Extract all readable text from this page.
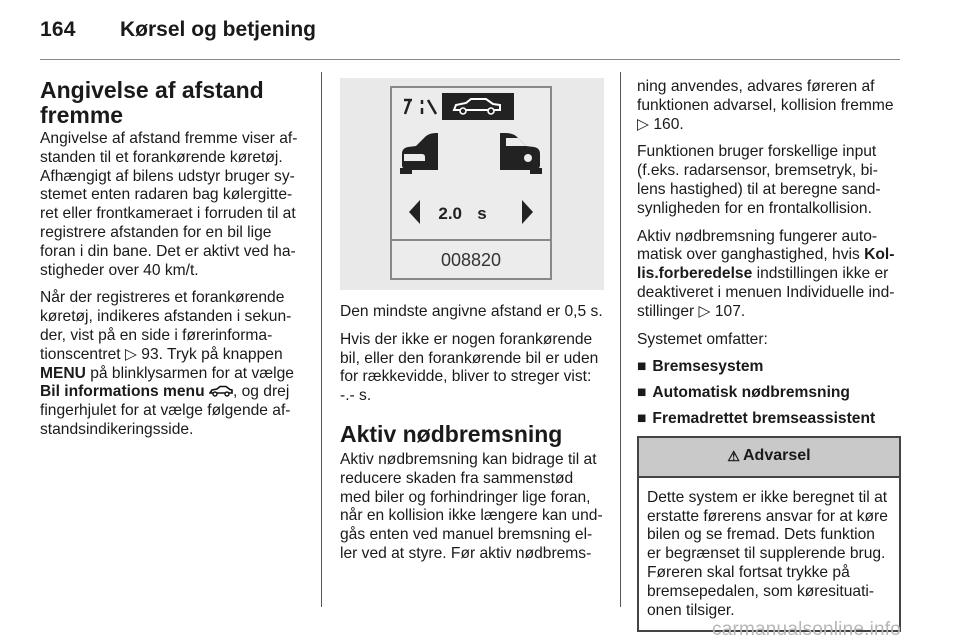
164 Kørsel og betjening
Angivelse af afstand
fremme
Angivelse af afstand fremme viser af-standen til et forankørende køretøj. Afhængigt af bilens udstyr bruger sy-stemet enten radaren bag kølergitte-ret eller frontkameraet i forruden til at registrere afstanden for en bil lige foran i din bane. Det er aktivt ved ha-stigheder over 40 km/t.
Når der registreres et forankørende køretøj, indikeres afstanden i sekun-der, vist på en side i førerinforma-tionscentret ▷ 93. Tryk på knappen MENU på blinklysarmen for at vælge Bil informations menu , og drej fingerhjulet for at vælge følgende af-standsindikeringsside.
2.0 s
008820
Den mindste angivne afstand er 0,5 s.
Hvis der ikke er nogen forankørende bil, eller den forankørende bil er uden for rækkevidde, bliver to streger vist: -.- s.
Aktiv nødbremsning
Aktiv nødbremsning kan bidrage til at reducere skaden fra sammenstød med biler og forhindringer lige foran, når en kollision ikke længere kan und-gås enten ved manuel bremsning el-ler ved at styre. Før aktiv nødbrems-
ning anvendes, advares føreren af funktionen advarsel, kollision fremme ▷ 160.
Funktionen bruger forskellige input (f.eks. radarsensor, bremsetryk, bi-lens hastighed) til at beregne sand-synligheden for en frontalkollision.
Aktiv nødbremsning fungerer auto-matisk over ganghastighed, hvis Kol-lis.forberedelse indstillingen ikke er deaktiveret i menuen Individuelle ind-stillinger ▷ 107.
Systemet omfatter:
■ Bremsesystem
■ Automatisk nødbremsning
■ Fremadrettet bremseassistent
⚠ Advarsel
Dette system er ikke beregnet til at erstatte førerens ansvar for at køre bilen og se fremad. Dets funktion er begrænset til supplerende brug. Føreren skal fortsat trykke på bremsepedalen, som køresituati-onen tilsiger.
carmanualsonline.info
